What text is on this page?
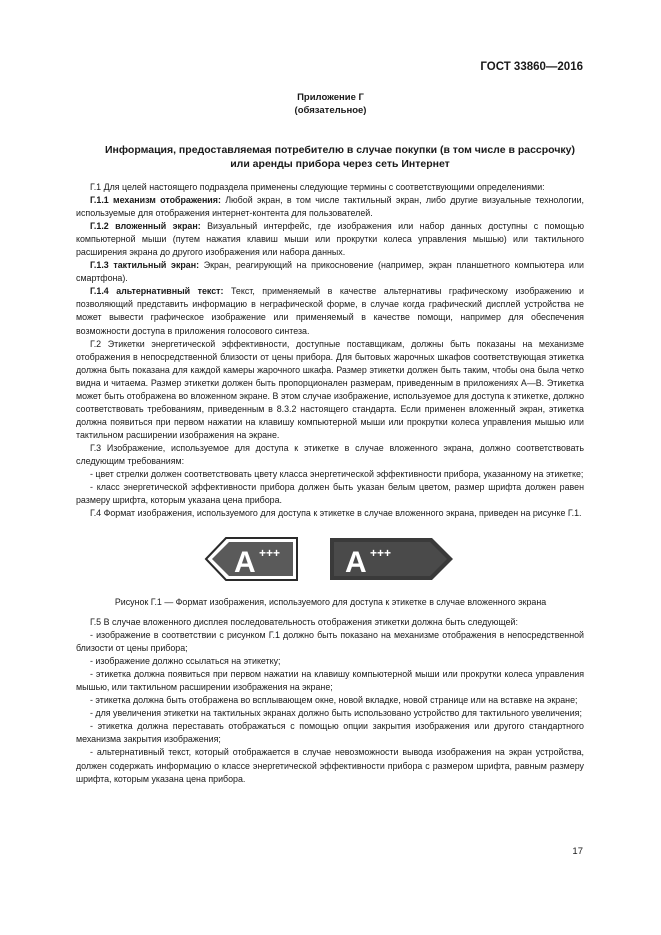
ГОСТ 33860—2016
Приложение Г
(обязательное)
Информация, предоставляемая потребителю в случае покупки (в том числе в рассрочку)
или аренды прибора через сеть Интернет

Г.1 Для целей настоящего подраздела применены следующие термины с соответствующими определениями:

Г.1.1 механизм отображения: Любой экран, в том числе тактильный экран, либо другие визуальные технологии, используемые для отображения интернет-контента для пользователей.

Г.1.2 вложенный экран: Визуальный интерфейс, где изображения или набор данных доступны с помощью компьютерной мыши (путем нажатия клавиш мыши или прокрутки колеса управления мышью) или тактильного расширения экрана до другого изображения или набора данных.

Г.1.3 тактильный экран: Экран, реагирующий на прикосновение (например, экран планшетного компьютера или смартфона).

Г.1.4 альтернативный текст: Текст, применяемый в качестве альтернативы графическому изображению и позволяющий представить информацию в нeграфической форме, в случае когда графический дисплей устройства не может вывести графическое изображение или применяемый в качестве помощи, например для обеспечения возможности доступа в приложения голосового синтеза.

Г.2 Этикетки энергетической эффективности, доступные поставщикам, должны быть показаны на механизме отображения в непосредственной близости от цены прибора. Для бытовых жарочных шкафов соответствующая этикетка должна быть показана для каждой камеры жарочного шкафа. Размер этикетки должен быть таким, чтобы она была четко видна и читаема. Размер этикетки должен быть пропорционален размерам, приведенным в приложениях А—В. Этикетка может быть отображена во вложенном экране. В этом случае изображение, используемое для доступа к этикетке, должно соответствовать требованиям, приведенным в 8.3.2 настоящего стандарта. Если применен вложенный экран, этикетка должна появиться при первом нажатии на клавишу компьютерной мыши или прокрутки колеса управления мышью или тактильном расширении изображения на экране.

Г.3 Изображение, используемое для доступа к этикетке в случае вложенного экрана, должно соответствовать следующим требованиям:

- цвет стрелки должен соответствовать цвету класса энергетической эффективности прибора, указанному на этикетке;

- класс энергетической эффективности прибора должен быть указан белым цветом, размер шрифта должен равен размеру шрифта, которым указана цена прибора.

Г.4 Формат изображения, используемого для доступа к этикетке в случае вложенного экрана, приведен на рисунке Г.1.

A +++ A +++
Рисунок Г.1 — Формат изображения, используемого для доступа к этикетке в случае вложенного экрана

Г.5 В случае вложенного дисплея последовательность отображения этикетки должна быть следующей:

- изображение в соответствии с рисунком Г.1 должно быть показано на механизме отображения в непосредственной близости от цены прибора;

- изображение должно ссылаться на этикетку;

- этикетка должна появиться при первом нажатии на клавишу компьютерной мыши или прокрутки колеса управления мышью, или тактильном расширении изображения на экране;

- этикетка должна быть отображена во всплывающем окне, новой вкладке, новой странице или на вставке на экране;

- для увеличения этикетки на тактильных экранах должно быть использовано устройство для тактильного увеличения;

- этикетка должна переставать отображаться с помощью опции закрытия изображения или другого стандартного механизма закрытия изображения;

- альтернативный текст, который отображается в случае невозможности вывода изображения на экран устройства, должен содержать информацию о классе энергетической эффективности прибора с размером шрифта, равным размеру шрифта, которым указана цена прибора.

17
